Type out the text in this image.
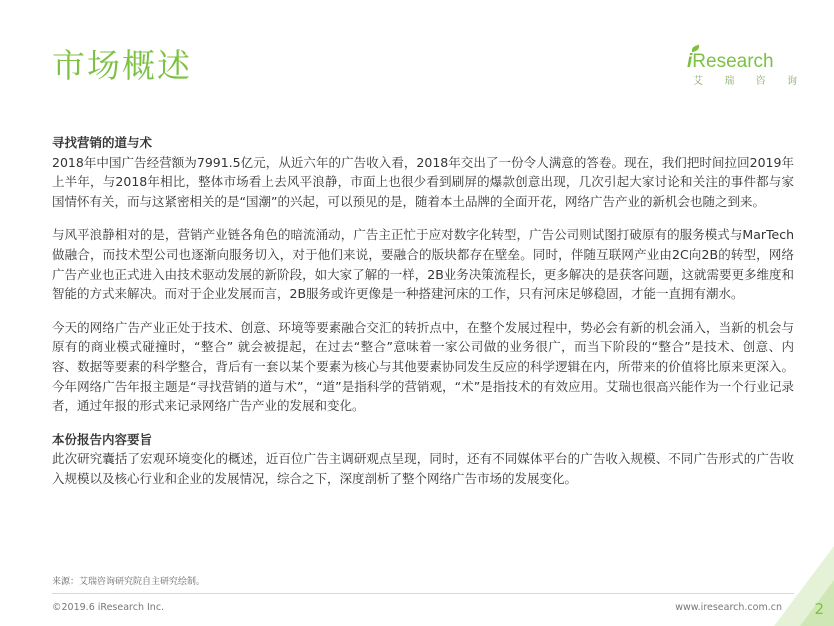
市场概述	iResearch
艾 瑞 咨 询

寻找营销的道与术

2018年中国广告经营额为7991.5亿元，从近六年的广告收入看，2018年交出了一份令人满意的答卷。现在，我们把时间拉回2019年上半年，与2018年相比，整体市场看上去风平浪静，市面上也很少看到刷屏的爆款创意出现，几次引起大家讨论和关注的事件都与家国情怀有关，而与这紧密相关的是“国潮”的兴起，可以预见的是，随着本土品牌的全面开花，网络广告产业的新机会也随之到来。

与风平浪静相对的是，营销产业链各角色的暗流涌动，广告主正忙于应对数字化转型，广告公司则试图打破原有的服务模式与MarTech做融合，而技术型公司也逐渐向服务切入，对于他们来说，要融合的版块都存在壁垒。同时，伴随互联网产业由2C向2B的转型，网络广告产业也正式进入由技术驱动发展的新阶段，如大家了解的一样，2B业务决策流程长，更多解决的是获客问题，这就需要更多维度和智能的方式来解决。而对于企业发展而言，2B服务或许更像是一种搭建河床的工作，只有河床足够稳固，才能一直拥有潮水。

今天的网络广告产业正处于技术、创意、环境等要素融合交汇的转折点中，在整个发展过程中，势必会有新的机会涌入，当新的机会与原有的商业模式碰撞时，“整合” 就会被提起，在过去“整合”意味着一家公司做的业务很广，而当下阶段的“整合”是技术、创意、内容、数据等要素的科学整合，背后有一套以某个要素为核心与其他要素协同发生反应的科学逻辑在内，所带来的价值将比原来更深入。今年网络广告年报主题是“寻找营销的道与术”，“道”是指科学的营销观，“术”是指技术的有效应用。艾瑞也很高兴能作为一个行业记录者，通过年报的形式来记录网络广告产业的发展和变化。

本份报告内容要旨

此次研究囊括了宏观环境变化的概述，近百位广告主调研观点呈现，同时，还有不同媒体平台的广告收入规模、不同广告形式的广告收入规模以及核心行业和企业的发展情况，综合之下，深度剖析了整个网络广告市场的发展变化。

来源：艾瑞咨询研究院自主研究绘制。
©2019.6 iResearch Inc.	www.iresearch.com.cn 2
